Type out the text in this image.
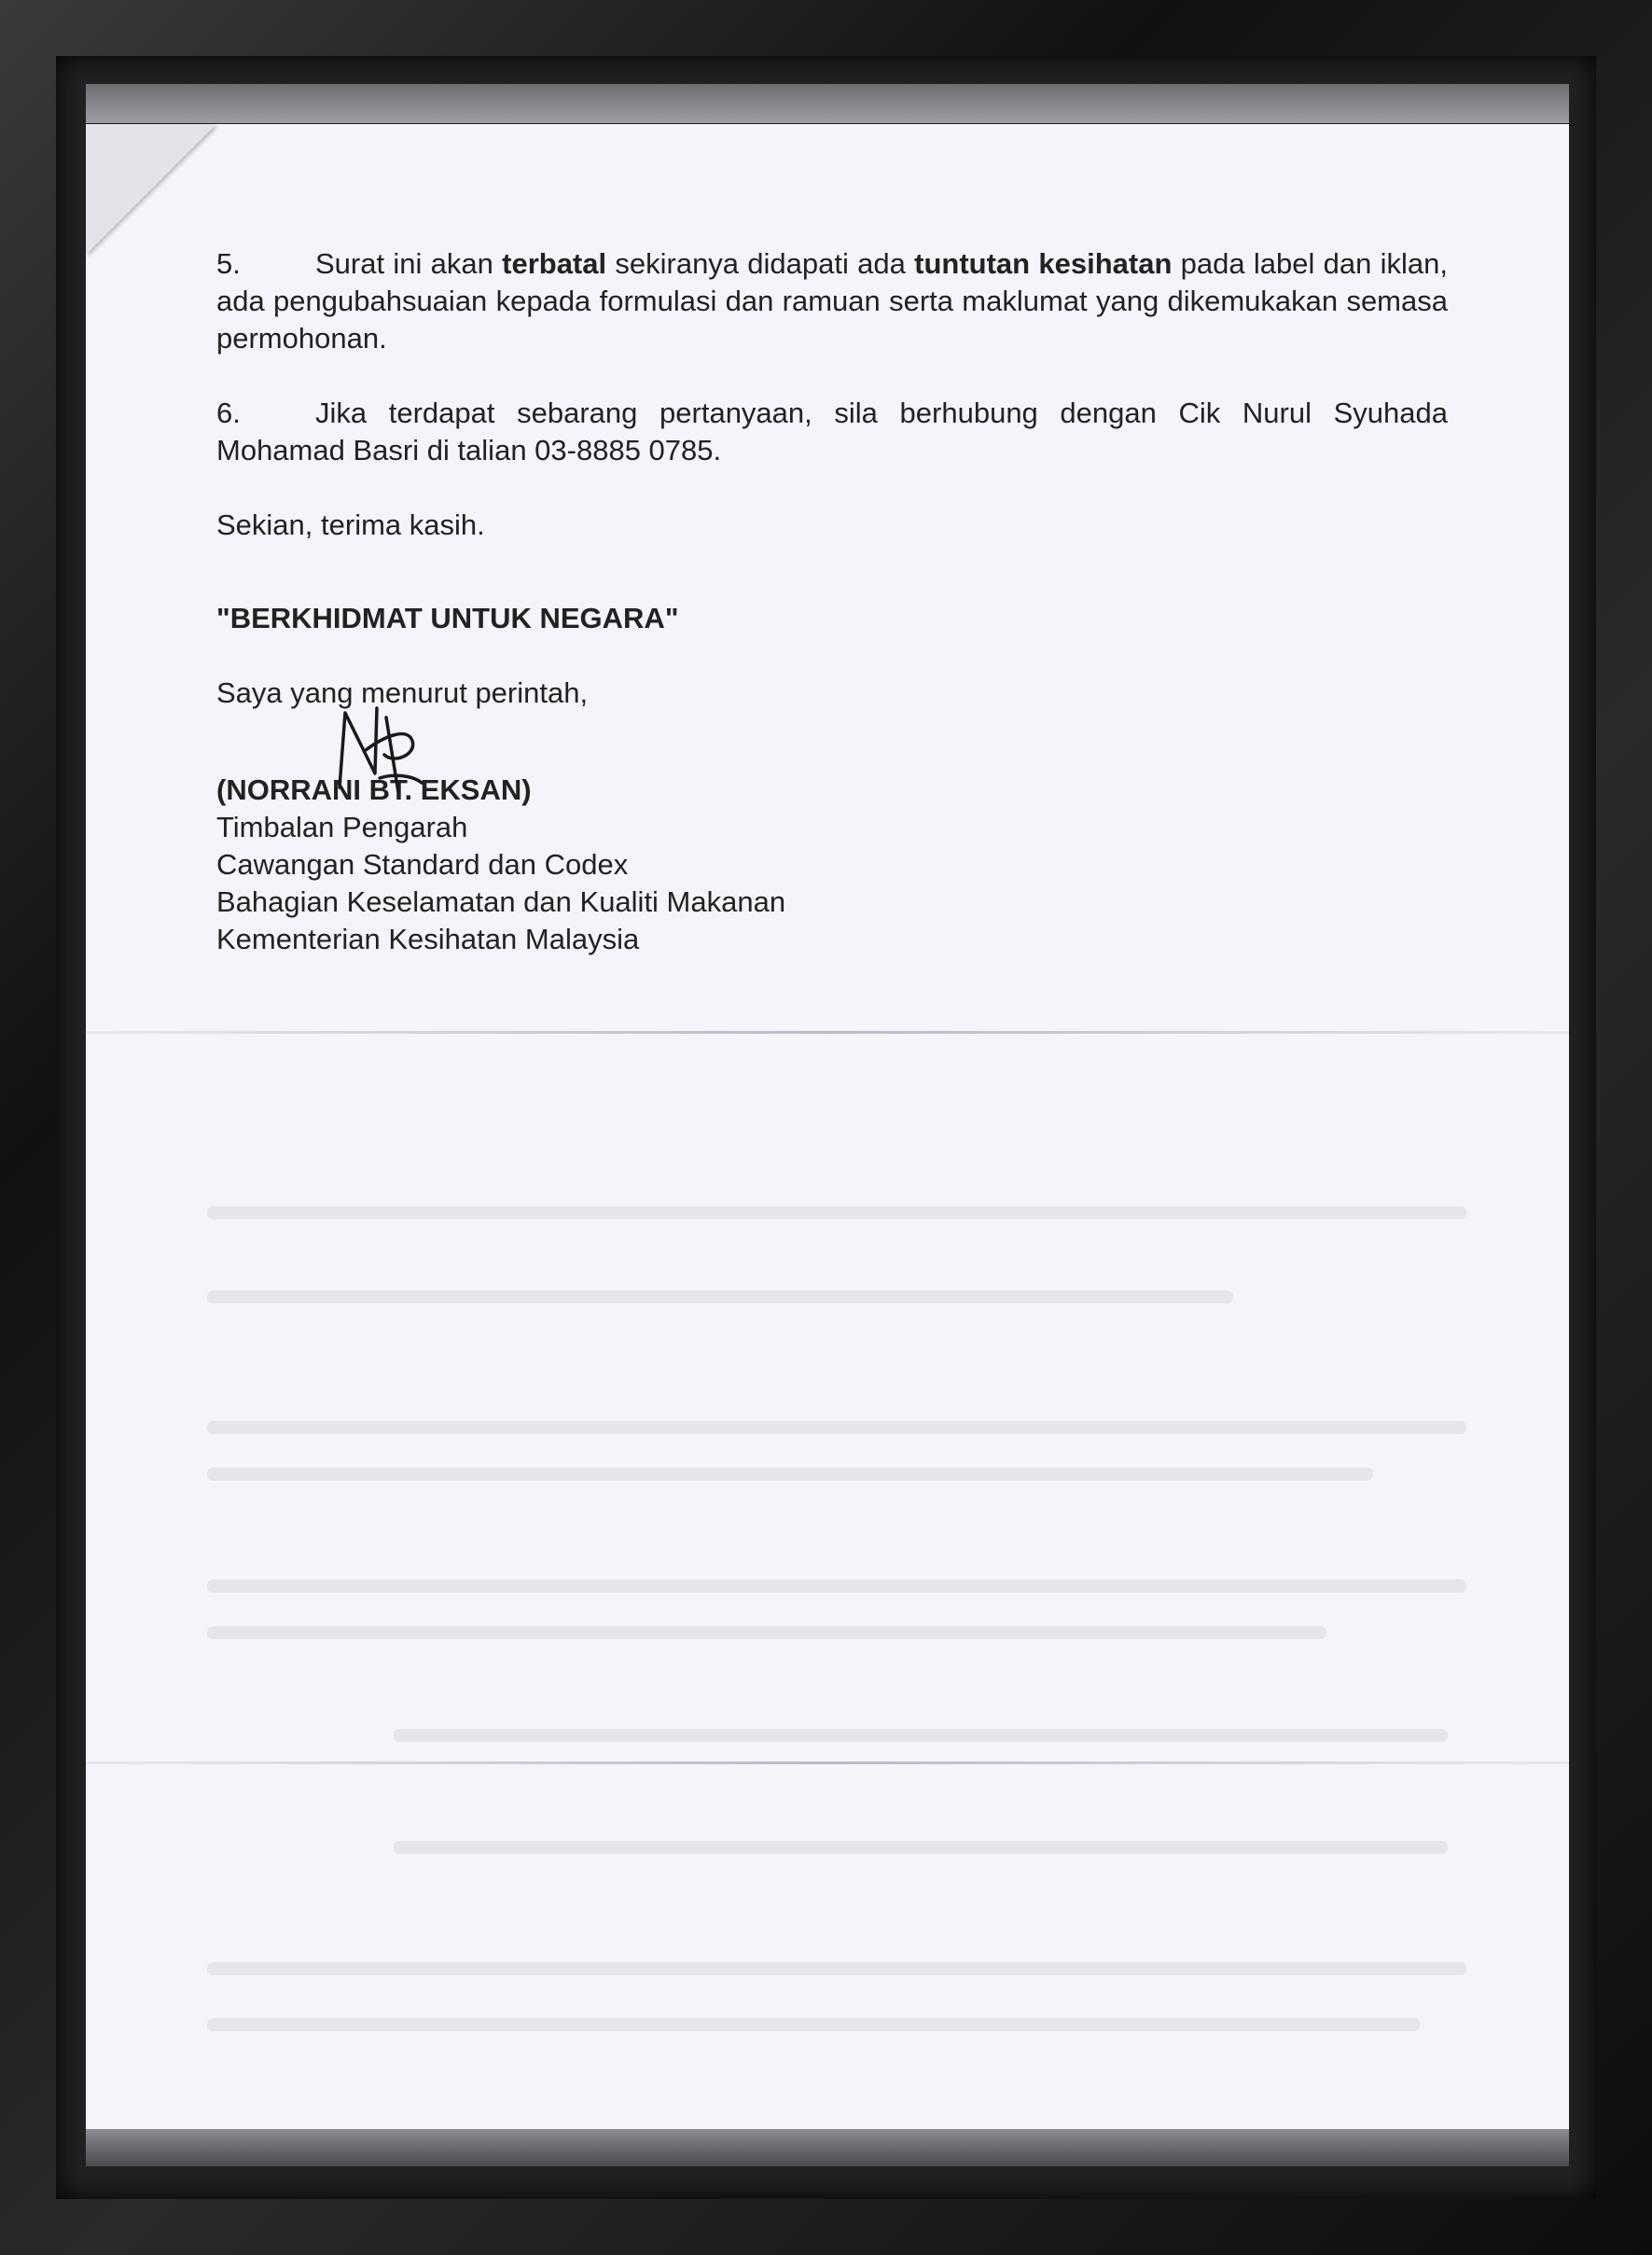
5.	Surat ini akan terbatal sekiranya didapati ada tuntutan kesihatan pada label dan iklan, ada pengubahsuaian kepada formulasi dan ramuan serta maklumat yang dikemukakan semasa permohonan.

6.	Jika terdapat sebarang pertanyaan, sila berhubung dengan Cik Nurul Syuhada Mohamad Basri di talian 03-8885 0785.

Sekian, terima kasih.
"BERKHIDMAT UNTUK NEGARA"
Saya yang menurut perintah,
(NORRANI BT. EKSAN)
Timbalan Pengarah
Cawangan Standard dan Codex
Bahagian Keselamatan dan Kualiti Makanan
Kementerian Kesihatan Malaysia
